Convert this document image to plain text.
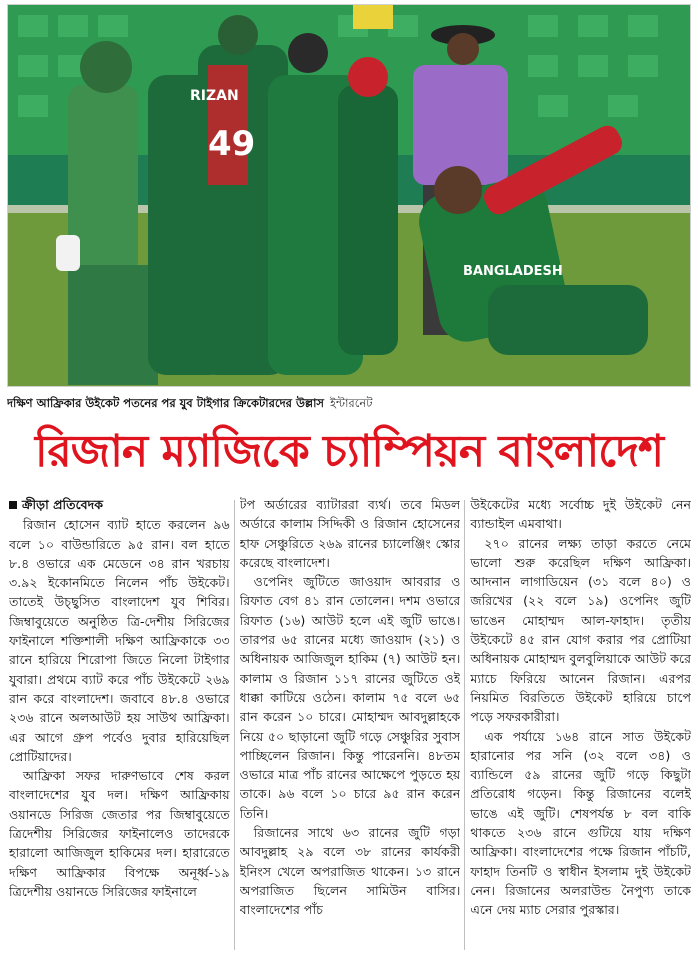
49
RIZAN
BANGLADESH
দক্ষিণ আফ্রিকার উইকেট পতনের পর যুব টাইগার ক্রিকেটারদের উল্লাস ইন্টারনেট
রিজান ম্যাজিকে চ্যাম্পিয়ন বাংলাদেশ
ক্রীড়া প্রতিবেদক

রিজান হোসেন ব্যাট হাতে করলেন ৯৬ বলে ১০ বাউন্ডারিতে ৯৫ রান। বল হাতে ৮.৪ ওভারে এক মেডেনে ৩৪ রান খরচায় ৩.৯২ ইকোনমিতে নিলেন পাঁচ উইকেট। তাতেই উচ্ছ্বসিত বাংলাদেশ যুব শিবির। জিম্বাবুয়েতে অনুষ্ঠিত ত্রি-দেশীয় সিরিজের ফাইনালে শক্তিশালী দক্ষিণ আফ্রিকাকে ৩৩ রানে হারিয়ে শিরোপা জিতে নিলো টাইগার যুবারা। প্রথমে ব্যাট করে পাঁচ উইকেটে ২৬৯ রান করে বাংলাদেশ। জবাবে ৪৮.৪ ওভারে ২৩৬ রানে অলআউট হয় সাউথ আফ্রিকা। এর আগে গ্রুপ পর্বেও দুবার হারিয়েছিল প্রোটিয়াদের।

আফ্রিকা সফর দারুণভাবে শেষ করল বাংলাদেশের যুব দল। দক্ষিণ আফ্রিকায় ওয়ানডে সিরিজ জেতার পর জিম্বাবুয়েতে ত্রিদেশীয় সিরিজের ফাইনালেও তাদেরকে হারালো আজিজুল হাকিমের দল। হারারেতে দক্ষিণ আফ্রিকার বিপক্ষে অনূর্ধ্ব-১৯ ত্রিদেশীয় ওয়ানডে সিরিজের ফাইনালে

টপ অর্ডারের ব্যাটাররা ব্যর্থ। তবে মিডল অর্ডারে কালাম সিদ্দিকী ও রিজান হোসেনের হাফ সেঞ্চুরিতে ২৬৯ রানের চ্যালেঞ্জিং স্কোর করেছে বাংলাদেশ।

ওপেনিং জুটিতে জাওয়াদ আবরার ও রিফাত বেগ ৪১ রান তোলেন। দশম ওভারে রিফাত (১৬) আউট হলে এই জুটি ভাঙে। তারপর ৬৫ রানের মধ্যে জাওয়াদ (২১) ও অধিনায়ক আজিজুল হাকিম (৭) আউট হন। কালাম ও রিজান ১১৭ রানের জুটিতে ওই ধাক্কা কাটিয়ে ওঠেন। কালাম ৭৫ বলে ৬৫ রান করেন ১০ চারে। মোহাম্মদ আবদুল্লাহকে নিয়ে ৫০ ছাড়ানো জুটি গড়ে সেঞ্চুরির সুবাস পাচ্ছিলেন রিজান। কিন্তু পারেননি। ৪৮তম ওভারে মাত্র পাঁচ রানের আক্ষেপে পুড়তে হয় তাকে। ৯৬ বলে ১০ চারে ৯৫ রান করেন তিনি।

রিজানের সাথে ৬৩ রানের জুটি গড়া আবদুল্লাহ ২৯ বলে ৩৮ রানের কার্যকরী ইনিংস খেলে অপরাজিত থাকেন। ১৩ রানে অপরাজিত ছিলেন সামিউন বাসির। বাংলাদেশের পাঁচ

উইকেটের মধ্যে সর্বোচ্চ দুই উইকেট নেন ব্যান্ডাইল এমবাথা।

২৭০ রানের লক্ষ্য তাড়া করতে নেমে ভালো শুরু করেছিল দক্ষিণ আফ্রিকা। আদনান লাগাডিয়েন (৩১ বলে ৪০) ও জরিখের (২২ বলে ১৯) ওপেনিং জুটি ভাঙেন মোহাম্মদ আল-ফাহাদ। তৃতীয় উইকেটে ৪৫ রান যোগ করার পর প্রোটিয়া অধিনায়ক মোহাম্মদ বুলবুলিয়াকে আউট করে ম্যাচে ফিরিয়ে আনেন রিজান। এরপর নিয়মিত বিরতিতে উইকেট হারিয়ে চাপে পড়ে সফরকারীরা।

এক পর্যায়ে ১৬৪ রানে সাত উইকেট হারানোর পর সনি (৩২ বলে ৩৪) ও ব্যান্ডিলে ৫৯ রানের জুটি গড়ে কিছুটা প্রতিরোধ গড়েন। কিন্তু রিজানের বলেই ভাঙে এই জুটি। শেষপর্যন্ত ৮ বল বাকি থাকতে ২৩৬ রানে গুটিয়ে যায় দক্ষিণ আফ্রিকা। বাংলাদেশের পক্ষে রিজান পাঁচটি, ফাহাদ তিনটি ও স্বাধীন ইসলাম দুই উইকেট নেন। রিজানের অলরাউন্ড নৈপুণ্য তাকে এনে দেয় ম্যাচ সেরার পুরস্কার।
